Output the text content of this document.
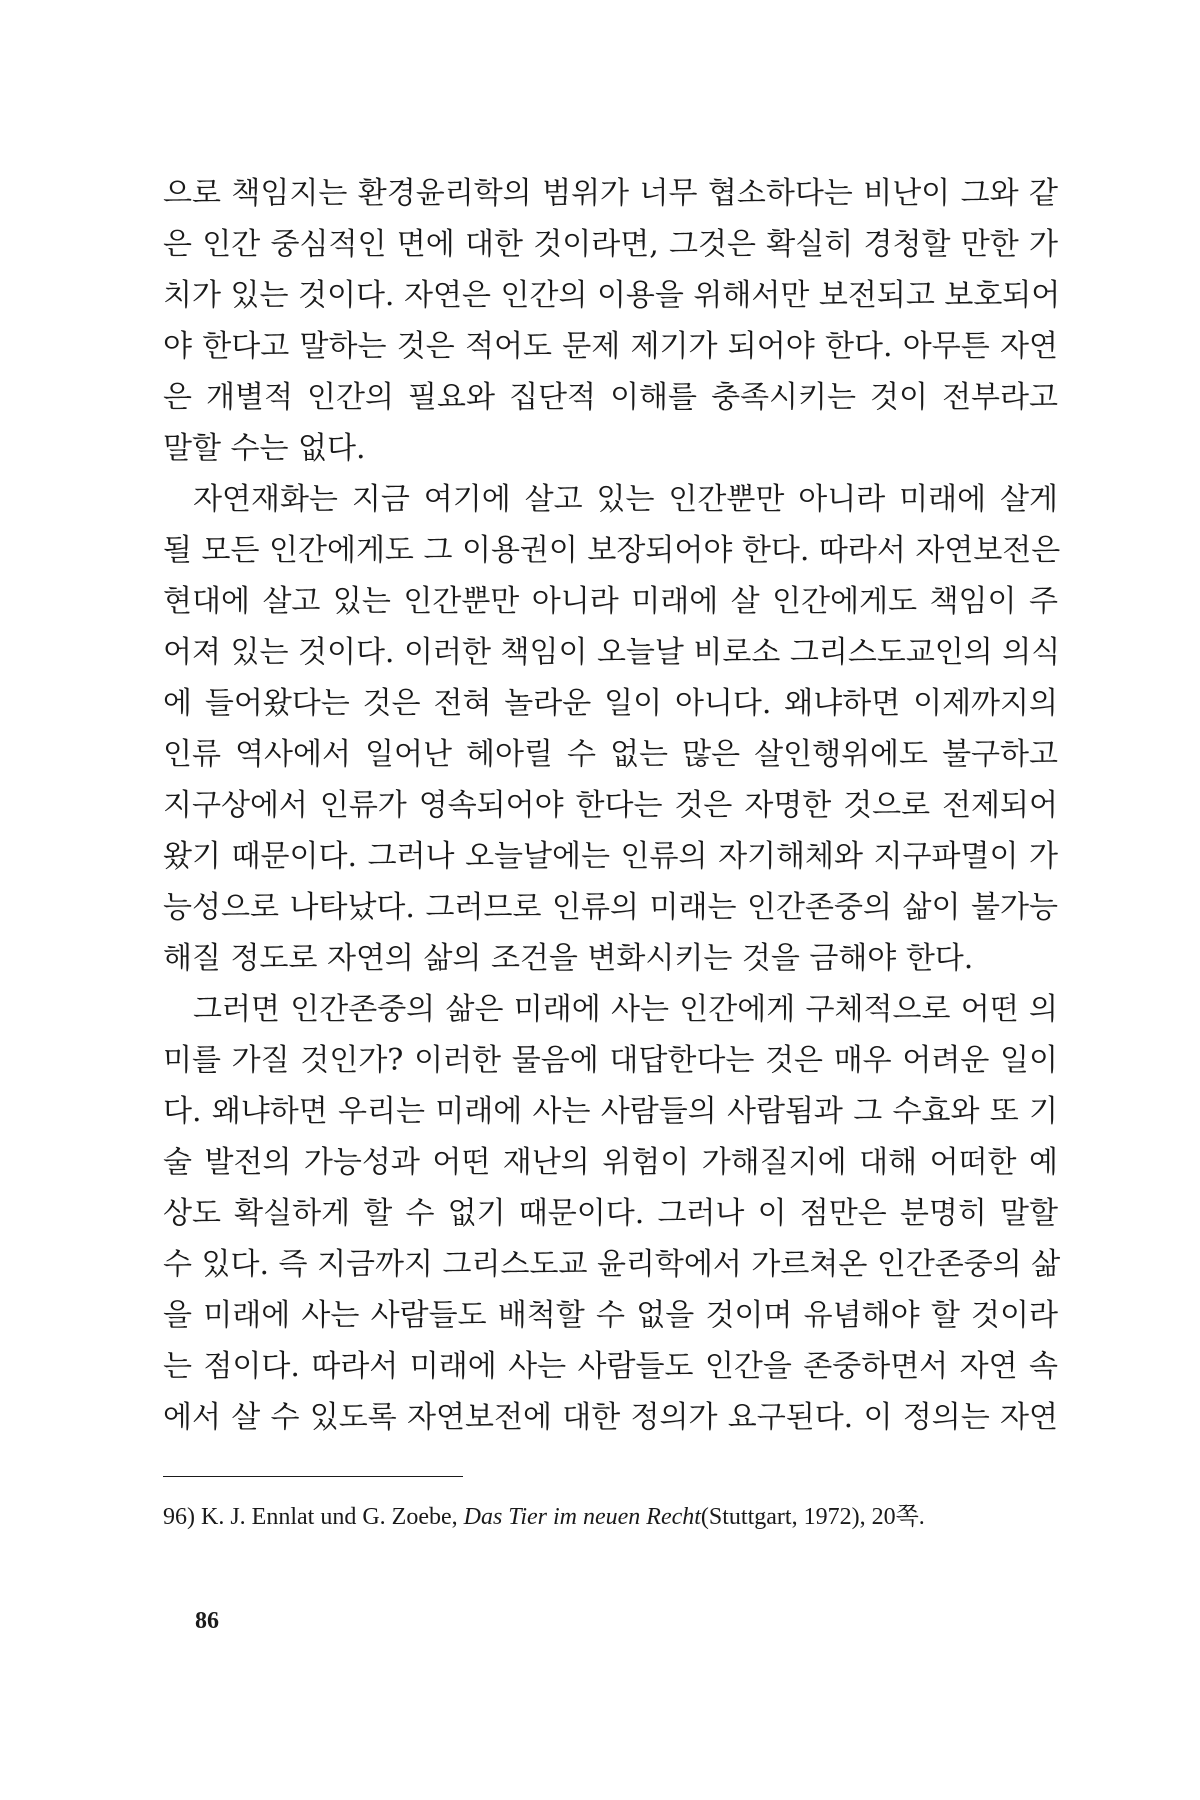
으로 책임지는 환경윤리학의 범위가 너무 협소하다는 비난이 그와 같
은 인간 중심적인 면에 대한 것이라면, 그것은 확실히 경청할 만한 가
치가 있는 것이다. 자연은 인간의 이용을 위해서만 보전되고 보호되어
야 한다고 말하는 것은 적어도 문제 제기가 되어야 한다. 아무튼 자연
은 개별적 인간의 필요와 집단적 이해를 충족시키는 것이 전부라고
말할 수는 없다.
자연재화는 지금 여기에 살고 있는 인간뿐만 아니라 미래에 살게
될 모든 인간에게도 그 이용권이 보장되어야 한다. 따라서 자연보전은
현대에 살고 있는 인간뿐만 아니라 미래에 살 인간에게도 책임이 주
어져 있는 것이다. 이러한 책임이 오늘날 비로소 그리스도교인의 의식
에 들어왔다는 것은 전혀 놀라운 일이 아니다. 왜냐하면 이제까지의
인류 역사에서 일어난 헤아릴 수 없는 많은 살인행위에도 불구하고
지구상에서 인류가 영속되어야 한다는 것은 자명한 것으로 전제되어
왔기 때문이다. 그러나 오늘날에는 인류의 자기해체와 지구파멸이 가
능성으로 나타났다. 그러므로 인류의 미래는 인간존중의 삶이 불가능
해질 정도로 자연의 삶의 조건을 변화시키는 것을 금해야 한다.
그러면 인간존중의 삶은 미래에 사는 인간에게 구체적으로 어떤 의
미를 가질 것인가? 이러한 물음에 대답한다는 것은 매우 어려운 일이
다. 왜냐하면 우리는 미래에 사는 사람들의 사람됨과 그 수효와 또 기
술 발전의 가능성과 어떤 재난의 위험이 가해질지에 대해 어떠한 예
상도 확실하게 할 수 없기 때문이다. 그러나 이 점만은 분명히 말할
수 있다. 즉 지금까지 그리스도교 윤리학에서 가르쳐온 인간존중의 삶
을 미래에 사는 사람들도 배척할 수 없을 것이며 유념해야 할 것이라
는 점이다. 따라서 미래에 사는 사람들도 인간을 존중하면서 자연 속
에서 살 수 있도록 자연보전에 대한 정의가 요구된다. 이 정의는 자연
96) K. J. Ennlat und G. Zoebe, Das Tier im neuen Recht(Stuttgart, 1972), 20쪽.
86
